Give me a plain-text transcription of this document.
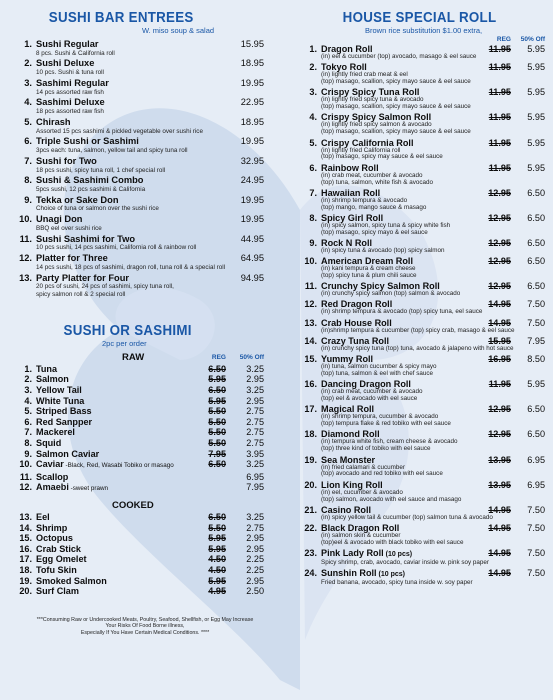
SUSHI BAR ENTREES
W. miso soup & salad
1. Sushi Regular
8 pcs. Sushi & California roll
15.95
2. Sushi Deluxe
10 pcs. Sushi & tuna roll
18.95
3. Sashimi Regular
14 pcs assorted raw fish
19.95
4. Sashimi Deluxe
18 pcs assorted raw fish
22.95
5. Chirash
Assorted 15 pcs sashimi & pickled vegetable over sushi rice
18.95
6. Triple Sushi or Sashimi
3pcs each: tuna, salmon, yellow tail and spicy tuna roll
19.95
7. Sushi for Two
18 pcs sushi, spicy tuna roll, 1 chef special roll
32.95
8. Sushi & Sashimi Combo
5pcs sushi, 12 pcs sashimi & California
24.95
9. Tekka or Sake Don
Choice of tuna or salmon over the sushi rice
19.95
10. Unagi Don
BBQ eel over sushi rice
19.95
11. Sushi Sashimi for Two
10 pcs sushi, 14 pcs sashimi, California roll & rainbow roll
44.95
12. Platter for Three
14 pcs sushi, 18 pcs of sashimi, dragon roll, tuna roll & a special roll
64.95
13. Party Platter for Four
20 pcs of sushi, 24 pcs of sashimi, spicy tuna roll,
spicy salmon roll & 2 special roll
94.95
SUSHI OR SASHIMI
2pc per order
RAW	REG	50% Off
1. Tuna	6.50	3.25
2. Salmon	5.95	2.95
3. Yellow Tail	6.50	3.25
4. White Tuna	5.95	2.95
5. Striped Bass	5.50	2.75
6. Red Sanpper	5.50	2.75
7. Mackerel	5.50	2.75
8. Squid	5.50	2.75
9. Salmon Caviar	7.95	3.95
10. Caviar -Black, Red, Wasabi Tobiko or masago	6.50	3.25
11. Scallop	6.95
12. Amaebi -sweet prawn	7.95
COOKED
13. Eel	6.50	3.25
14. Shrimp	5.50	2.75
15. Octopus	5.95	2.95
16. Crab Stick	5.95	2.95
17. Egg Omelet	4.50	2.25
18. Tofu Skin	4.50	2.25
19. Smoked Salmon	5.95	2.95
20. Surf Clam	4.95	2.50
***Consuming Raw or Undercooked Meats, Poultry, Seafood, Shellfish, or Egg May Increase
Your Risks Of Food Borne illness,
Especially If You Have Certain Medical Conditions. ****
HOUSE SPECIAL ROLL
Brown rice substitution $1.00 extra,
REG	50% Off
1. Dragon Roll
(in) eel & cucumber (top) avocado, masago & eel sauce
11.95	5.95
2. Tokyo Roll
(in) lightly fried crab meat & eel
(top) masago, scallion, spicy mayo sauce & eel sauce
11.95	5.95
3. Crispy Spicy Tuna Roll
(in) lightly fried spicy tuna & avocado
(top) masago, scallion, spicy mayo sauce & eel sauce
11.95	5.95
4. Crispy Spicy Salmon Roll
(in) lightly fried spicy salmon & avocado
(top) masago, scallion, spicy mayo sauce & eel sauce
11.95	5.95
5. Crispy California Roll
(in) lightly fried California roll
(top) masago, spicy may sauce & eel sauce
11.95	5.95
6. Rainbow Roll
(in) crab meat, cucumber & avocado
(top) tuna, salmon, white fish & avocado
11.95	5.95
7. Hawaiian Roll
(in) shrimp tempura & avocado
(top) mango, mango sauce & masago
12.95	6.50
8. Spicy Girl Roll
(in) spicy salmon, spicy tuna & spicy white fish
(top) masago, spicy mayo & eel sauce
12.95	6.50
9. Rock N Roll
(in) spicy tuna & avocado (top) spicy salmon
12.95	6.50
10. American Dream Roll
(in) kani tempura & cream cheese
(top) spicy tuna & plum chili sauce
12.95	6.50
11. Crunchy Spicy Salmon Roll
(in) crunchy spicy salmon (top) salmon & avocado
12.95	6.50
12. Red Dragon Roll
(in) shrimp tempura & avocado (top) spicy tuna, eel sauce
14.95	7.50
13. Crab House Roll
(in)shrimp tempura & cucumber (top) spicy crab, masago & eel sauce
14.95	7.50
14. Crazy Tuna Roll
(in) crunchy spicy tuna (top) tuna, avocado & jalapeno with hot sauce
15.95	7.95
15. Yummy Roll
(in) tuna, salmon cucumber & spicy mayo
(top) tuna, salmon & eel with chef sauce
16.95	8.50
16. Dancing Dragon Roll
(in) crab meat, cucumber & avocado
(top) eel & avocado with eel sauce
11.95	5.95
17. Magical Roll
(in) shrimp tempura, cucumber & avocado
(top) tempura flake & red tobiko with eel sauce
12.95	6.50
18. Diamond Roll
(in) tempura white fish, cream cheese & avocado
(top) three kind of tobiko with eel sauce
12.95	6.50
19. Sea Monster
(in) fried calamari & cucumber
(top) avocado and red tobiko with eel sauce
13.95	6.95
20. Lion King Roll
(in) eel, cucumber & avocado
(top) salmon, avocado with eel sauce and masago
13.95	6.95
21. Casino Roll
(in) spicy yellow tail & cucumber (top) salmon tuna & avocado
14.95	7.50
22. Black Dragon Roll
(in) salmon skin & cucumber
(top)eel & avocado with black tobiko with eel sauce
14.95	7.50
23. Pink Lady Roll (10 pcs)
Spicy shrimp, crab, avocado, caviar inside w. pink soy paper
14.95	7.50
24. Sunshin Roll (10 pcs)
Fried banana, avocado, spicy tuna inside w. soy paper
14.95	7.50
